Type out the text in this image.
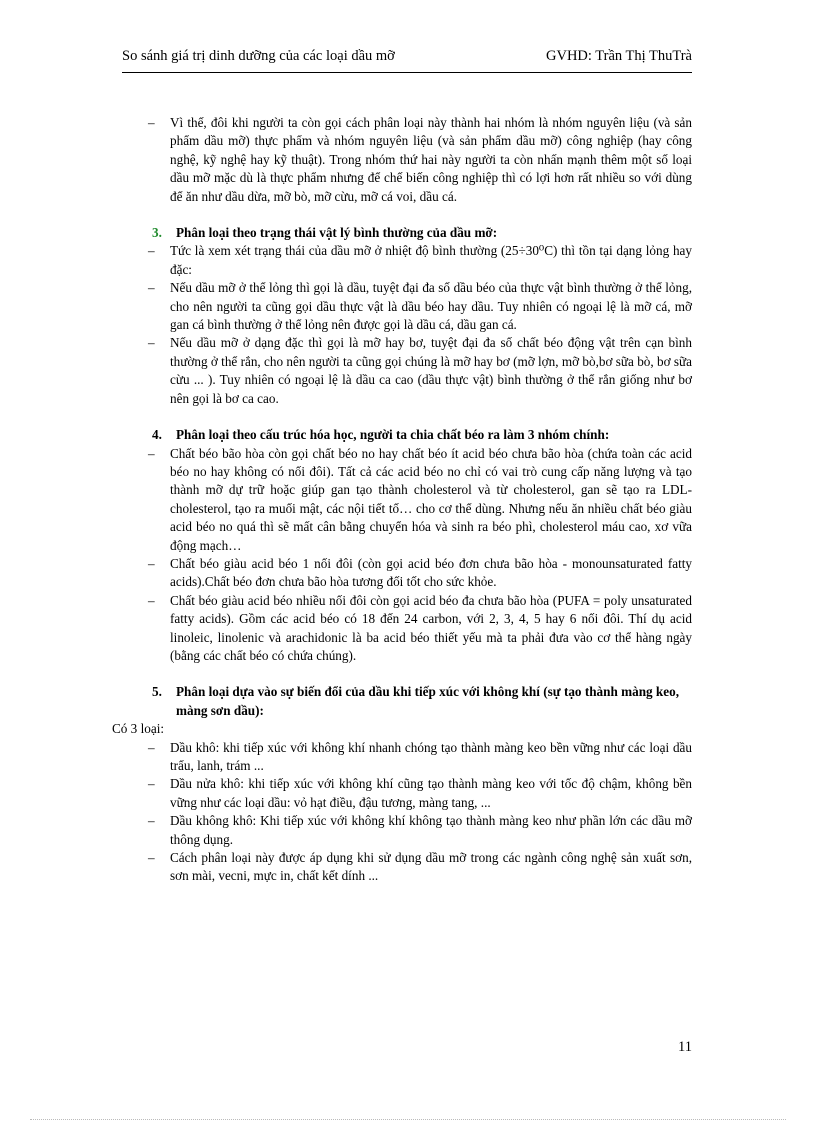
So sánh giá trị dinh dưỡng của các loại dầu mỡ	GVHD: Trần Thị ThuTrà

– Vì thế, đôi khi người ta còn gọi cách phân loại này thành hai nhóm là nhóm nguyên liệu (và sản phẩm dầu mỡ) thực phẩm và nhóm nguyên liệu (và sản phẩm dầu mỡ) công nghiệp (hay công nghệ, kỹ nghệ hay kỹ thuật). Trong nhóm thứ hai này người ta còn nhấn mạnh thêm một số loại dầu mỡ mặc dù là thực phẩm nhưng để chế biến công nghiệp thì có lợi hơn rất nhiều so với dùng để ăn như dầu dừa, mỡ bò, mỡ cừu, mỡ cá voi, dầu cá.

3. Phân loại theo trạng thái vật lý bình thường của dầu mỡ:

– Tức là xem xét trạng thái của dầu mỡ ở nhiệt độ bình thường (25÷30⁰C) thì tồn tại dạng lỏng hay đặc:

– Nếu dầu mỡ ở thể lỏng thì gọi là dầu, tuyệt đại đa số dầu béo của thực vật bình thường ở thể lỏng, cho nên người ta cũng gọi dầu thực vật là dầu béo hay dầu. Tuy nhiên có ngoại lệ là mỡ cá, mỡ gan cá bình thường ở thể lỏng nên được gọi là dầu cá, dầu gan cá.

– Nếu dầu mỡ ở dạng đặc thì gọi là mỡ hay bơ, tuyệt đại đa số chất béo động vật trên cạn bình thường ở thể rắn, cho nên người ta cũng gọi chúng là mỡ hay bơ (mỡ lợn, mỡ bò,bơ sữa bò, bơ sữa cừu ... ). Tuy nhiên có ngoại lệ là dầu ca cao (dầu thực vật) bình thường ở thể rắn giống như bơ nên gọi là bơ ca cao.

4. Phân loại theo cấu trúc hóa học, người ta chia chất béo ra làm 3 nhóm chính:

– Chất béo bão hòa còn gọi chất béo no hay chất béo ít acid béo chưa bão hòa (chứa toàn các acid béo no hay không có nối đôi). Tất cả các acid béo no chỉ có vai trò cung cấp năng lượng và tạo thành mỡ dự trữ hoặc giúp gan tạo thành cholesterol và từ cholesterol, gan sẽ tạo ra LDL-cholesterol, tạo ra muối mật, các nội tiết tố… cho cơ thể dùng. Nhưng nếu ăn nhiều chất béo giàu acid béo no quá thì sẽ mất cân bằng chuyển hóa và sinh ra béo phì, cholesterol máu cao, xơ vữa động mạch…

– Chất béo giàu acid béo 1 nối đôi (còn gọi acid béo đơn chưa bão hòa - monounsaturated fatty acids).Chất béo đơn chưa bão hòa tương đối tốt cho sức khỏe.

– Chất béo giàu acid béo nhiều nối đôi còn gọi acid béo đa chưa bão hòa (PUFA = poly unsaturated fatty acids). Gồm các acid béo có 18 đến 24 carbon, với 2, 3, 4, 5 hay 6 nối đôi. Thí dụ acid linoleic, linolenic và arachidonic là ba acid béo thiết yếu mà ta phải đưa vào cơ thể hàng ngày (bằng các chất béo có chứa chúng).

5. Phân loại dựa vào sự biến đổi của dầu khi tiếp xúc với không khí (sự tạo thành màng keo, màng sơn dầu):

Có 3 loại:

– Dầu khô: khi tiếp xúc với không khí nhanh chóng tạo thành màng keo bền vững như các loại dầu trẩu, lanh, trám ...

– Dầu nửa khô: khi tiếp xúc với không khí cũng tạo thành màng keo với tốc độ chậm, không bền vững như các loại dầu: vỏ hạt điều, đậu tương, màng tang, ...

– Dầu không khô: Khi tiếp xúc với không khí không tạo thành màng keo như phần lớn các dầu mỡ thông dụng.

– Cách phân loại này được áp dụng khi sử dụng dầu mỡ trong các ngành công nghệ sản xuất sơn, sơn mài, vecni, mực in, chất kết dính ...

11
